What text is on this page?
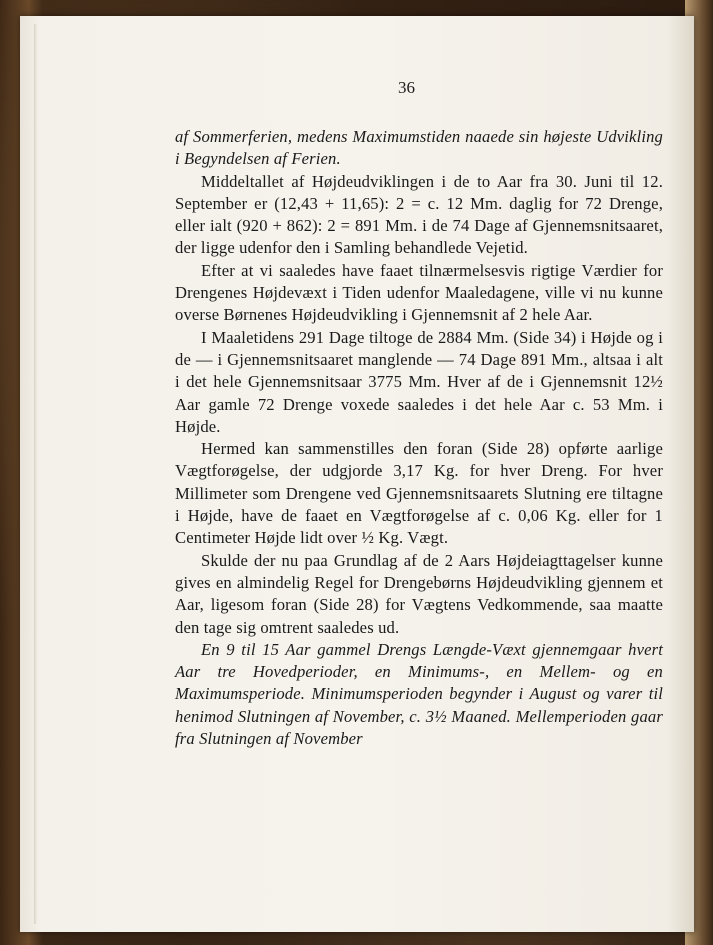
36

af Sommerferien, medens Maximumstiden naaede sin højeste Udvikling i Begyndelsen af Ferien.

Middeltallet af Højdeudviklingen i de to Aar fra 30. Juni til 12. September er (12,43 + 11,65): 2 = c. 12 Mm. daglig for 72 Drenge, eller ialt (920 + 862): 2 = 891 Mm. i de 74 Dage af Gjennemsnitsaaret, der ligge udenfor den i Samling behandlede Vejetid.

Efter at vi saaledes have faaet tilnærmelsesvis rigtige Værdier for Drengenes Højdevæxt i Tiden udenfor Maaledagene, ville vi nu kunne overse Børnenes Højdeudvikling i Gjennemsnit af 2 hele Aar.

I Maaletidens 291 Dage tiltoge de 2884 Mm. (Side 34) i Højde og i de — i Gjennemsnitsaaret manglende — 74 Dage 891 Mm., altsaa i alt i det hele Gjennemsnitsaar 3775 Mm. Hver af de i Gjennemsnit 12½ Aar gamle 72 Drenge voxede saaledes i det hele Aar c. 53 Mm. i Højde.

Hermed kan sammenstilles den foran (Side 28) opførte aarlige Vægtforøgelse, der udgjorde 3,17 Kg. for hver Dreng. For hver Millimeter som Drengene ved Gjennemsnitsaarets Slutning ere tiltagne i Højde, have de faaet en Vægtforøgelse af c. 0,06 Kg. eller for 1 Centimeter Højde lidt over ½ Kg. Vægt.

Skulde der nu paa Grundlag af de 2 Aars Højdeiagttagelser kunne gives en almindelig Regel for Drengebørns Højdeudvikling gjennem et Aar, ligesom foran (Side 28) for Vægtens Vedkommende, saa maatte den tage sig omtrent saaledes ud.

En 9 til 15 Aar gammel Drengs Længde-Væxt gjennemgaar hvert Aar tre Hovedperioder, en Minimums-, en Mellem- og en Maximumsperiode. Minimumsperioden begynder i August og varer til henimod Slutningen af November, c. 3½ Maaned. Mellemperioden gaar fra Slutningen af November
